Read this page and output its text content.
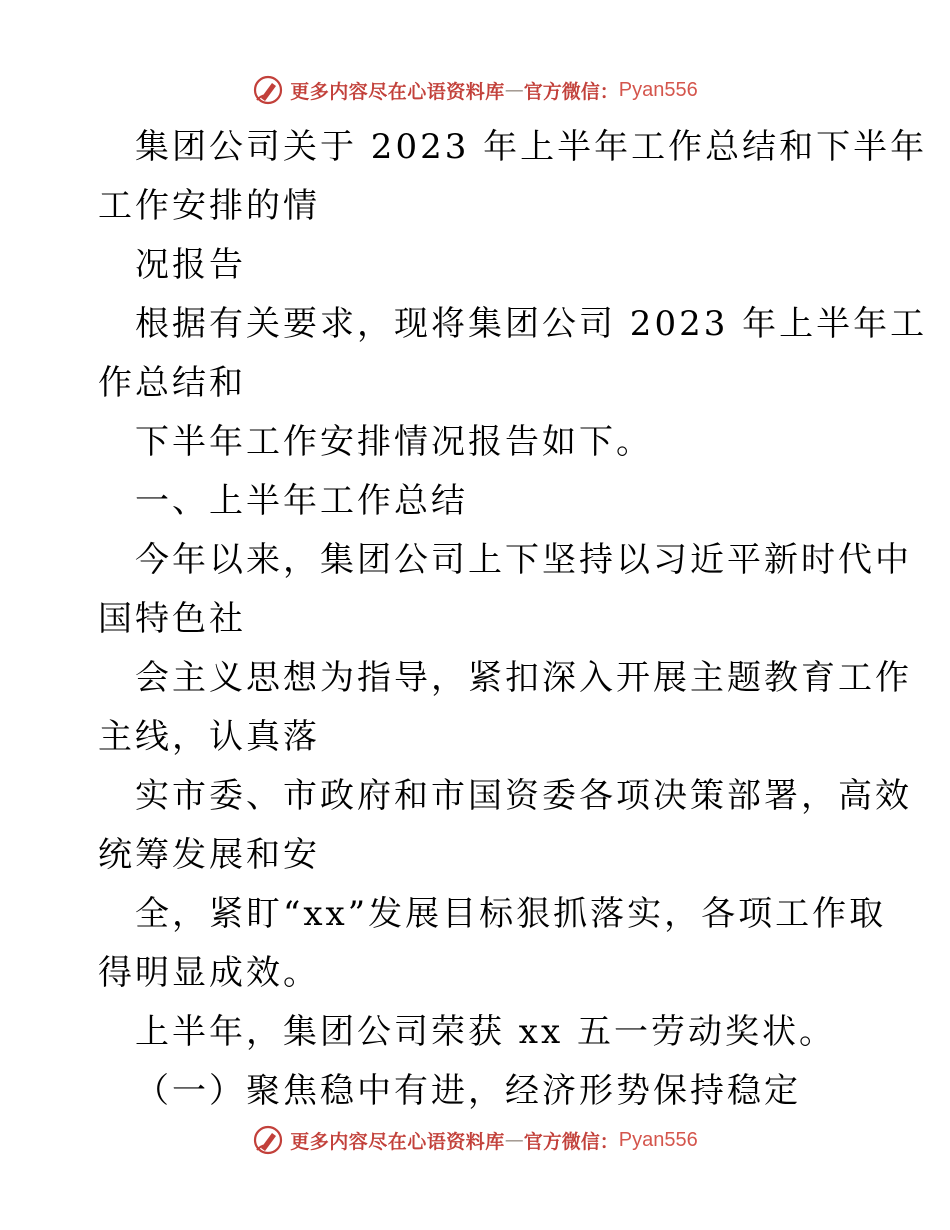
更多内容尽在心语资料库 — 官方微信： Pyan556
集团公司关于 2023 年上半年工作总结和下半年
工作安排的情
况报告
根据有关要求，现将集团公司 2023 年上半年工
作总结和
下半年工作安排情况报告如下。
一、上半年工作总结
今年以来，集团公司上下坚持以习近平新时代中
国特色社
会主义思想为指导，紧扣深入开展主题教育工作
主线，认真落
实市委、市政府和市国资委各项决策部署，高效
统筹发展和安
全，紧盯“xx”发展目标狠抓落实，各项工作取
得明显成效。
上半年，集团公司荣获 xx 五一劳动奖状。
（一）聚焦稳中有进，经济形势保持稳定
更多内容尽在心语资料库 — 官方微信： Pyan556
